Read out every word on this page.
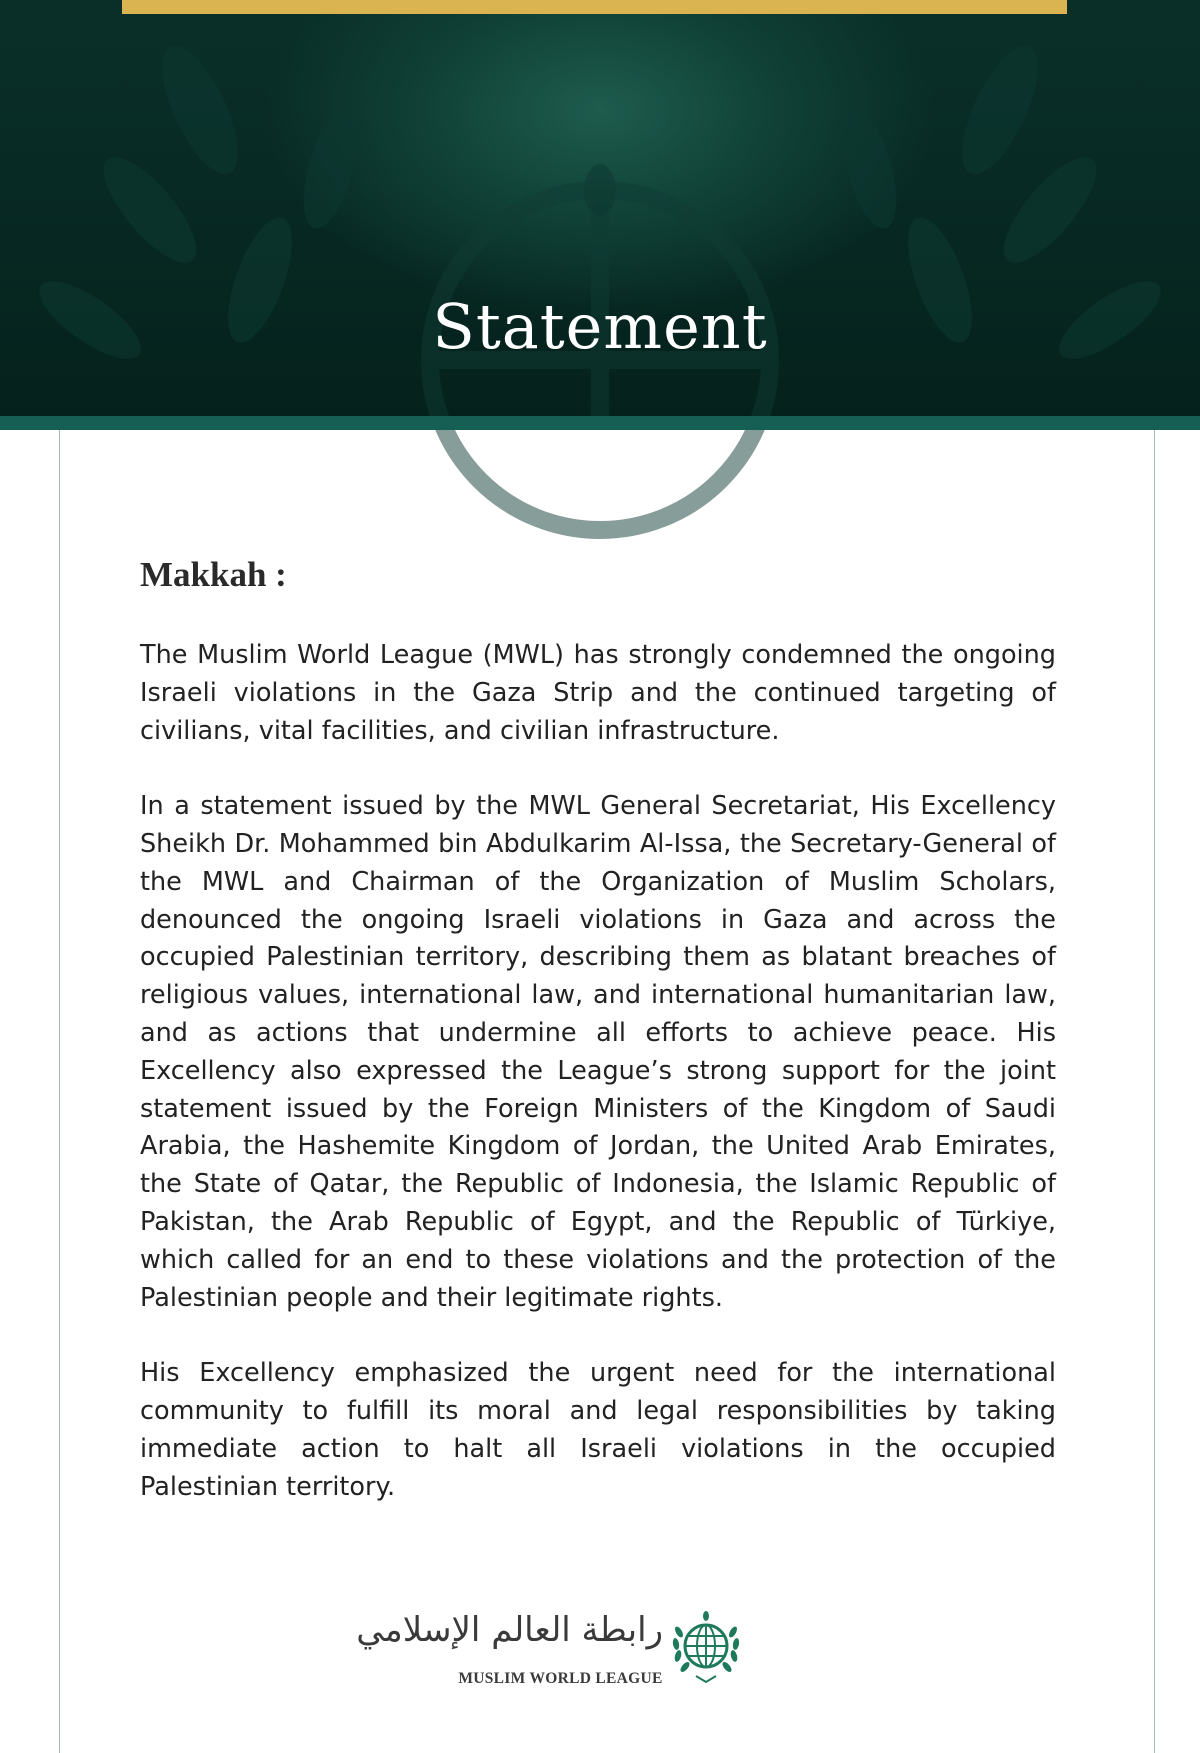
Statement
Makkah :

The Muslim World League (MWL) has strongly condemned the ongoing Israeli violations in the Gaza Strip and the continued targeting of civilians, vital facilities, and civilian infrastructure.

In a statement issued by the MWL General Secretariat, His Excellency Sheikh Dr. Mohammed bin Abdulkarim Al-Issa, the Secretary-General of the MWL and Chairman of the Organization of Muslim Scholars, denounced the ongoing Israeli violations in Gaza and across the occupied Palestinian territory, describing them as blatant breaches of religious values, international law, and international humanitarian law, and as actions that undermine all efforts to achieve peace. His Excellency also expressed the League’s strong support for the joint statement issued by the Foreign Ministers of the Kingdom of Saudi Arabia, the Hashemite Kingdom of Jordan, the United Arab Emirates, the State of Qatar, the Republic of Indonesia, the Islamic Republic of Pakistan, the Arab Republic of Egypt, and the Republic of Türkiye, which called for an end to these violations and the protection of the Palestinian people and their legitimate rights.

His Excellency emphasized the urgent need for the international community to fulfill its moral and legal responsibilities by taking immediate action to halt all Israeli violations in the occupied Palestinian territory.

رابطة العالم الإسلامي
MUSLIM WORLD LEAGUE
